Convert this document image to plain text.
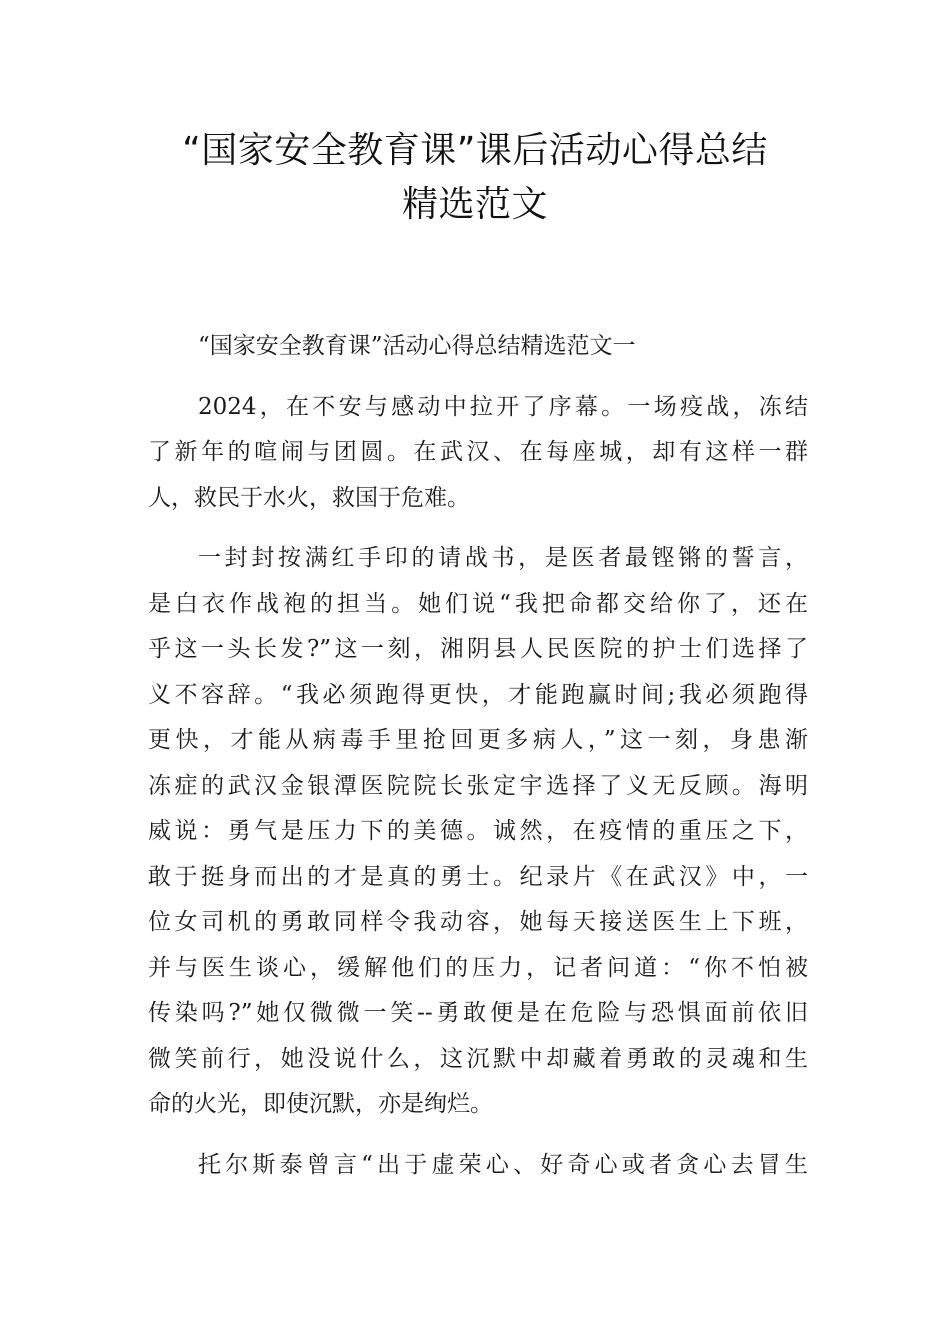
“国家安全教育课”课后活动心得总结
精选范文
“国家安全教育课”活动心得总结精选范文一
2024，在不安与感动中拉开了序幕。一场疫战，冻结
了新年的喧闹与团圆。在武汉、在每座城，却有这样一群
人，救民于水火，救国于危难。
一封封按满红手印的请战书，是医者最铿锵的誓言，
是白衣作战袍的担当。她们说“我把命都交给你了，还在
乎这一头长发?”这一刻，湘阴县人民医院的护士们选择了
义不容辞。“我必须跑得更快，才能跑赢时间;我必须跑得
更快，才能从病毒手里抢回更多病人，”这一刻，身患渐
冻症的武汉金银潭医院院长张定宇选择了义无反顾。海明
威说：勇气是压力下的美德。诚然，在疫情的重压之下，
敢于挺身而出的才是真的勇士。纪录片《在武汉》中，一
位女司机的勇敢同样令我动容，她每天接送医生上下班，
并与医生谈心，缓解他们的压力，记者问道：“你不怕被
传染吗?”她仅微微一笑--勇敢便是在危险与恐惧面前依旧
微笑前行，她没说什么，这沉默中却藏着勇敢的灵魂和生
命的火光，即使沉默，亦是绚烂。
托尔斯泰曾言“出于虚荣心、好奇心或者贪心去冒生
